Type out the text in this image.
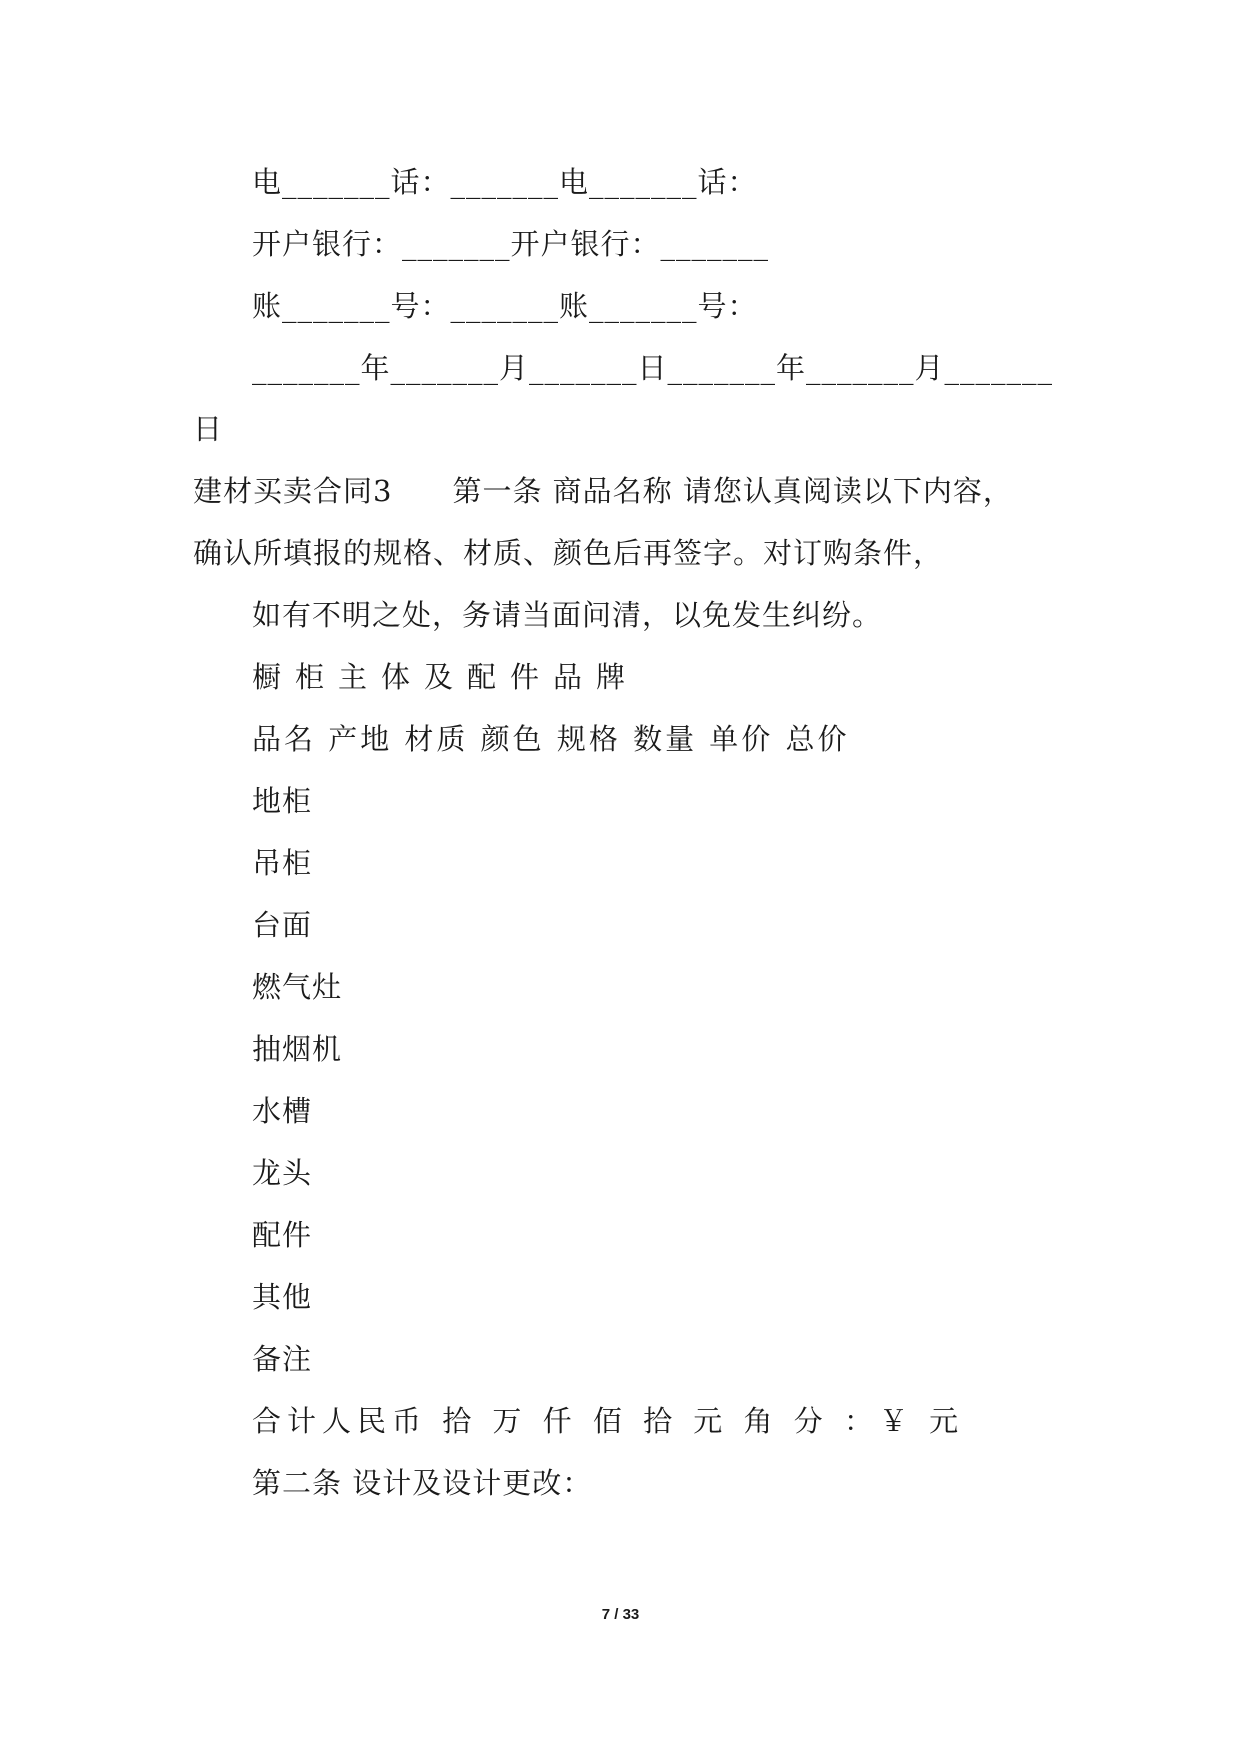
电_______话：_______电_______话：
开户银行：_______开户银行：_______
账_______号：_______账_______号：
_______年_______月_______日_______年_______月_______
日
建材买卖合同3　　第一条 商品名称 请您认真阅读以下内容，
确认所填报的规格、材质、颜色后再签字。对订购条件，
如有不明之处，务请当面问清，以免发生纠纷。
橱柜主体及配件品牌
品名 产地 材质 颜色 规格 数量 单价 总价
地柜
吊柜
台面
燃气灶
抽烟机
水槽
龙头
配件
其他
备注
合计人民币 拾 万 仟 佰 拾 元 角 分 ：￥ 元
第二条 设计及设计更改：
7 / 33
